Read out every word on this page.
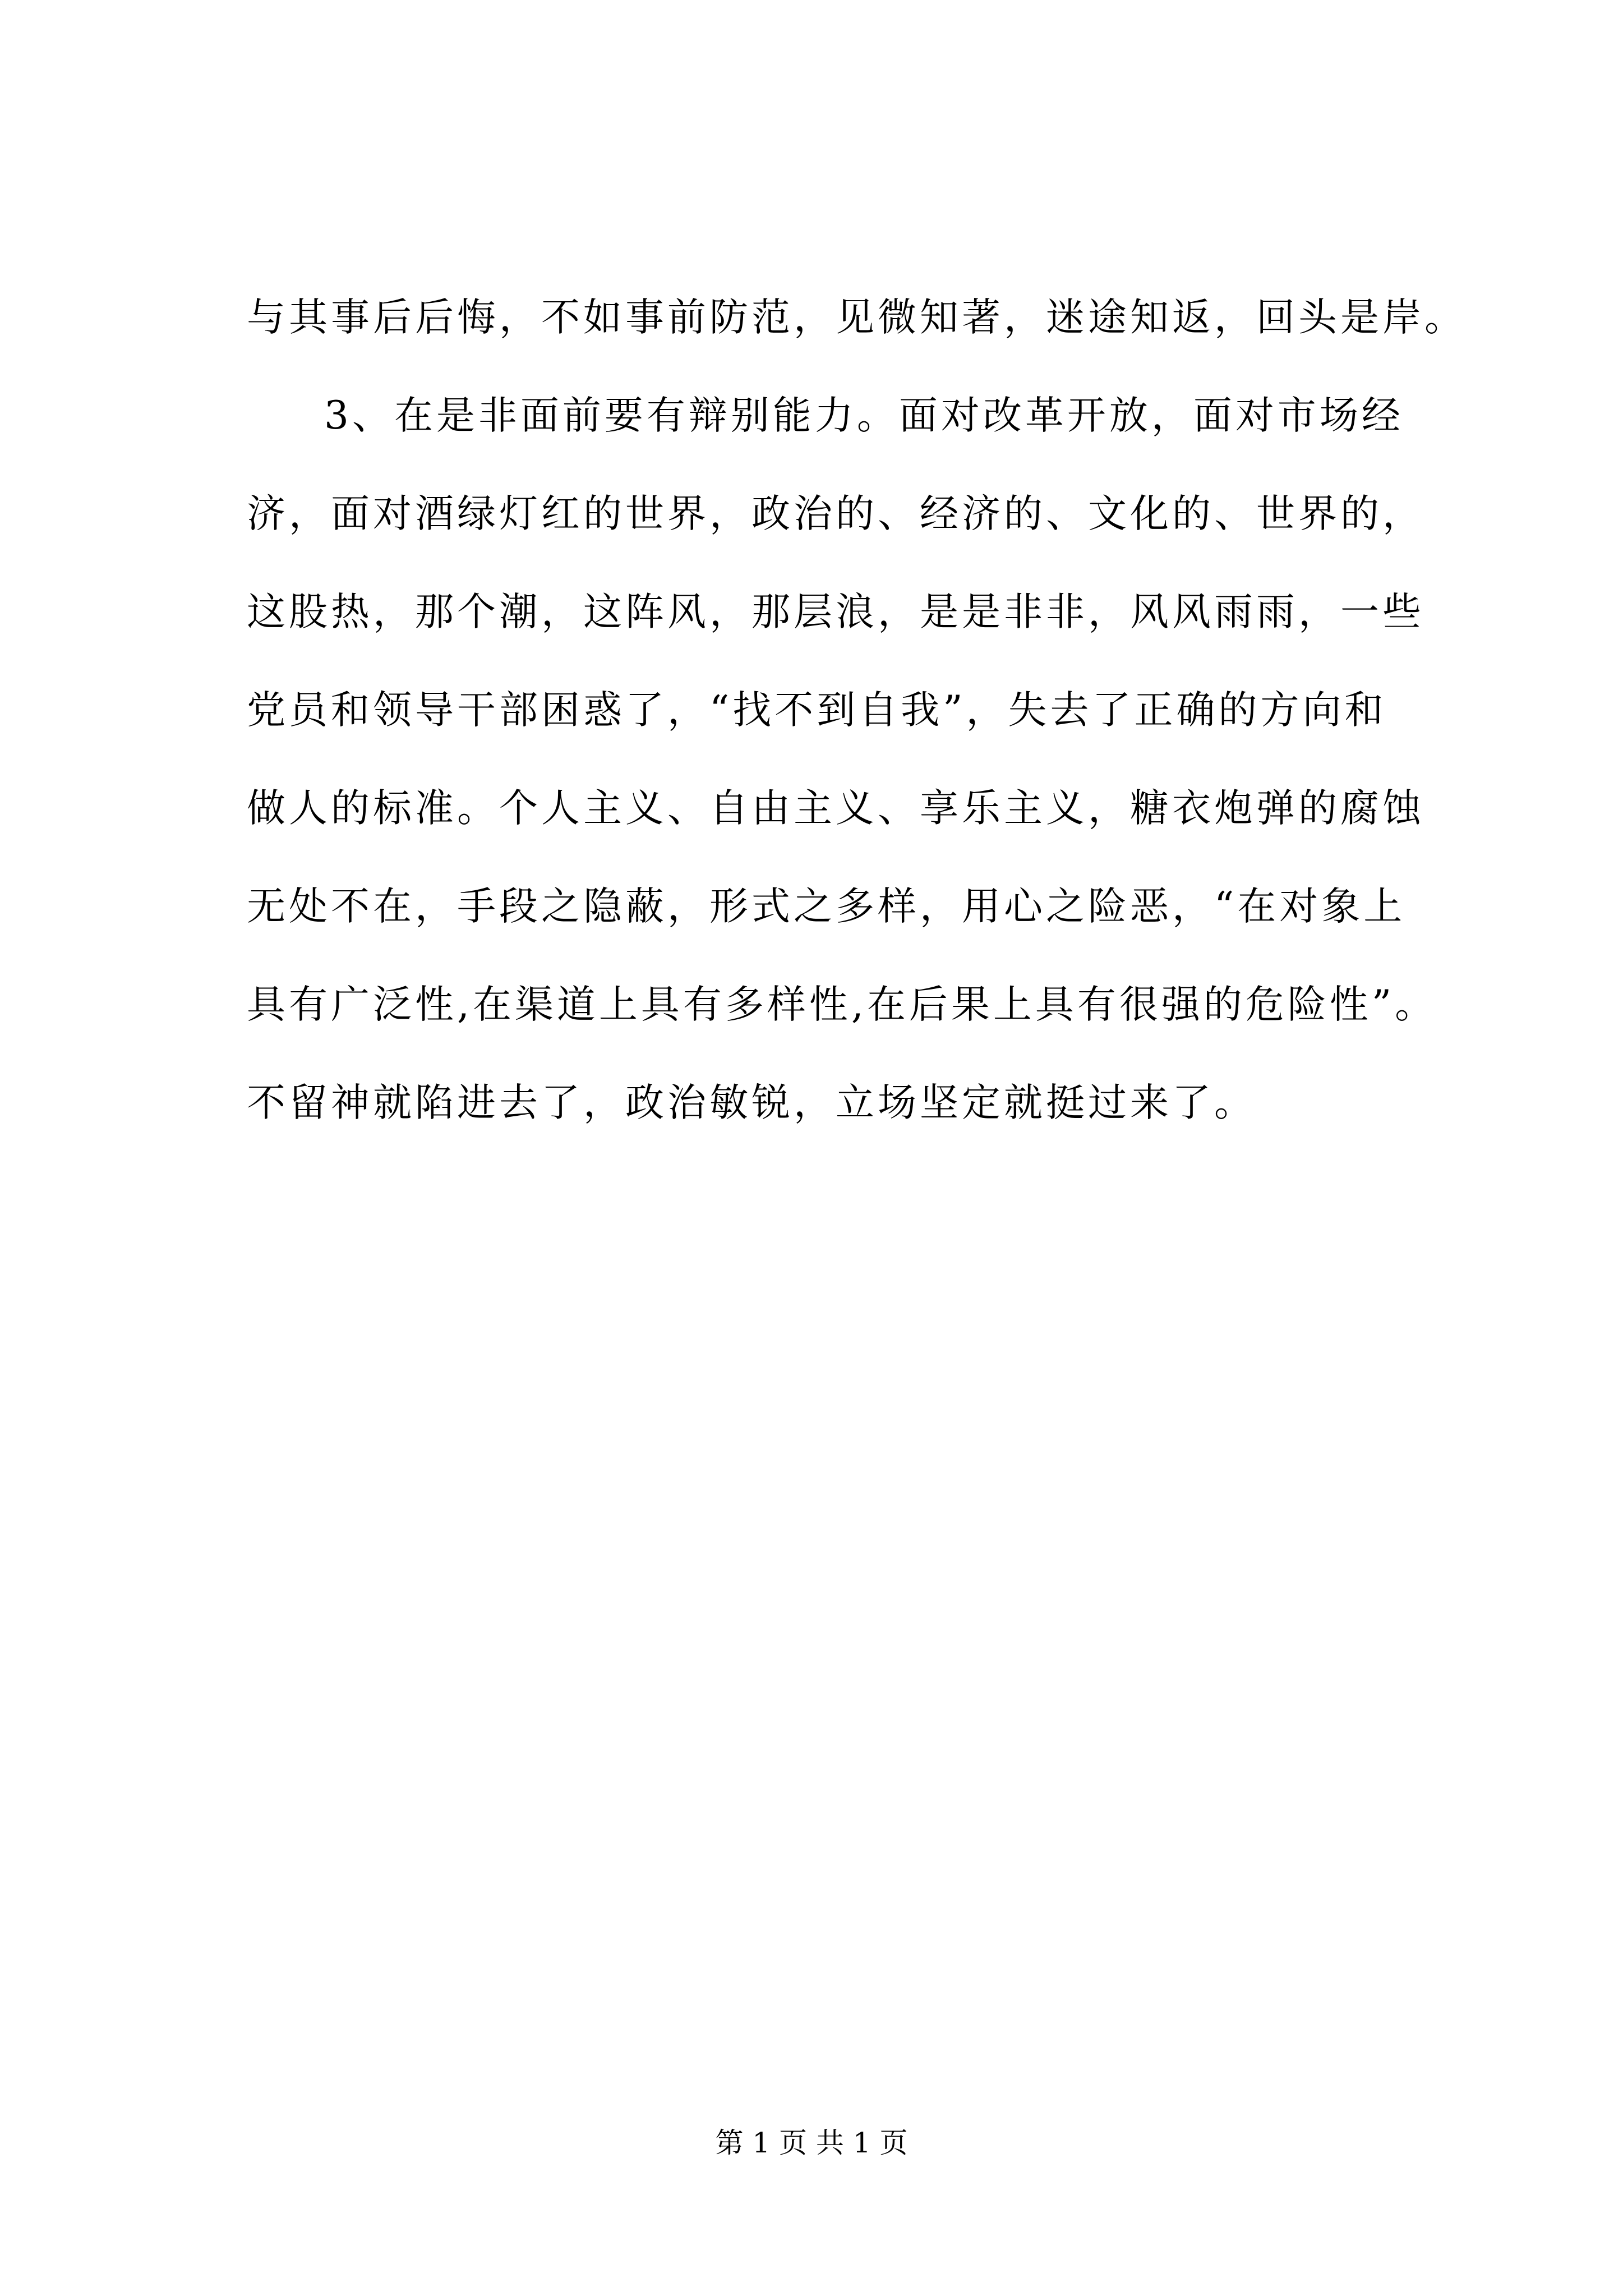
与其事后后悔，不如事前防范，见微知著，迷途知返，回头是岸。
3、在是非面前要有辩别能力。面对改革开放，面对市场经
济，面对酒绿灯红的世界，政治的、经济的、文化的、世界的，
这股热，那个潮，这阵风，那层浪，是是非非，风风雨雨，一些
党员和领导干部困惑了，“找不到自我”，失去了正确的方向和
做人的标准。个人主义、自由主义、享乐主义，糖衣炮弹的腐蚀
无处不在，手段之隐蔽，形式之多样，用心之险恶，“在对象上
具有广泛性,在渠道上具有多样性,在后果上具有很强的危险性”。
不留神就陷进去了，政治敏锐，立场坚定就挺过来了。
第 1 页 共 1 页
